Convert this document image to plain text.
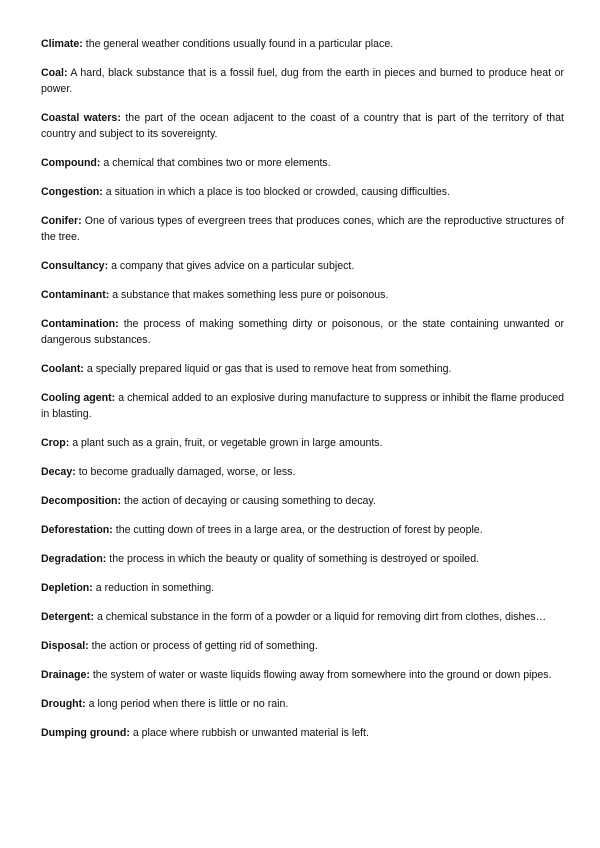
Climate: the general weather conditions usually found in a particular place.
Coal: A hard, black substance that is a fossil fuel, dug from the earth in pieces and burned to produce heat or power.
Coastal waters: the part of the ocean adjacent to the coast of a country that is part of the territory of that country and subject to its sovereignty.
Compound: a chemical that combines two or more elements.
Congestion: a situation in which a place is too blocked or crowded, causing difficulties.
Conifer: One of various types of evergreen trees that produces cones, which are the reproductive structures of the tree.
Consultancy: a company that gives advice on a particular subject.
Contaminant: a substance that makes something less pure or poisonous.
Contamination: the process of making something dirty or poisonous, or the state containing unwanted or dangerous substances.
Coolant: a specially prepared liquid or gas that is used to remove heat from something.
Cooling agent: a chemical added to an explosive during manufacture to suppress or inhibit the flame produced in blasting.
Crop: a plant such as a grain, fruit, or vegetable grown in large amounts.
Decay: to become gradually damaged, worse, or less.
Decomposition: the action of decaying or causing something to decay.
Deforestation: the cutting down of trees in a large area, or the destruction of forest by people.
Degradation: the process in which the beauty or quality of something is destroyed or spoiled.
Depletion: a reduction in something.
Detergent: a chemical substance in the form of a powder or a liquid for removing dirt from clothes, dishes…
Disposal: the action or process of getting rid of something.
Drainage: the system of water or waste liquids flowing away from somewhere into the ground or down pipes.
Drought: a long period when there is little or no rain.
Dumping ground: a place where rubbish or unwanted material is left.
